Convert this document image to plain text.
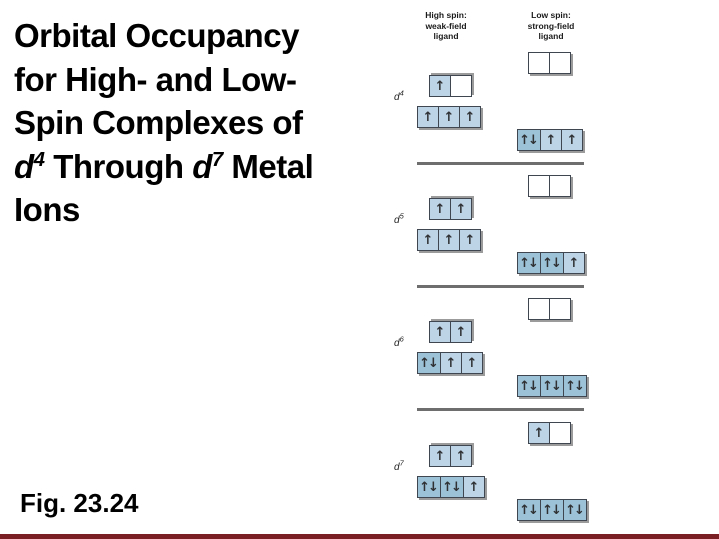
Orbital Occupancy
for High- and Low-
Spin Complexes of
$d^4$ Through $d^7$ Metal
Ions
Fig. 23.24
High spin:
weak-field
ligand
Low spin:
strong-field
ligand
↑
↑ ↑ ↑
↑↓ ↑ ↑
$d^4$
↑ ↑
↑ ↑ ↑
↑↓ ↑↓ ↑
$d^5$
↑ ↑
↑↓ ↑ ↑
↑↓ ↑↓ ↑↓
$d^6$
↑
↑ ↑
↑↓ ↑↓ ↑
↑↓ ↑↓ ↑↓
$d^7$
